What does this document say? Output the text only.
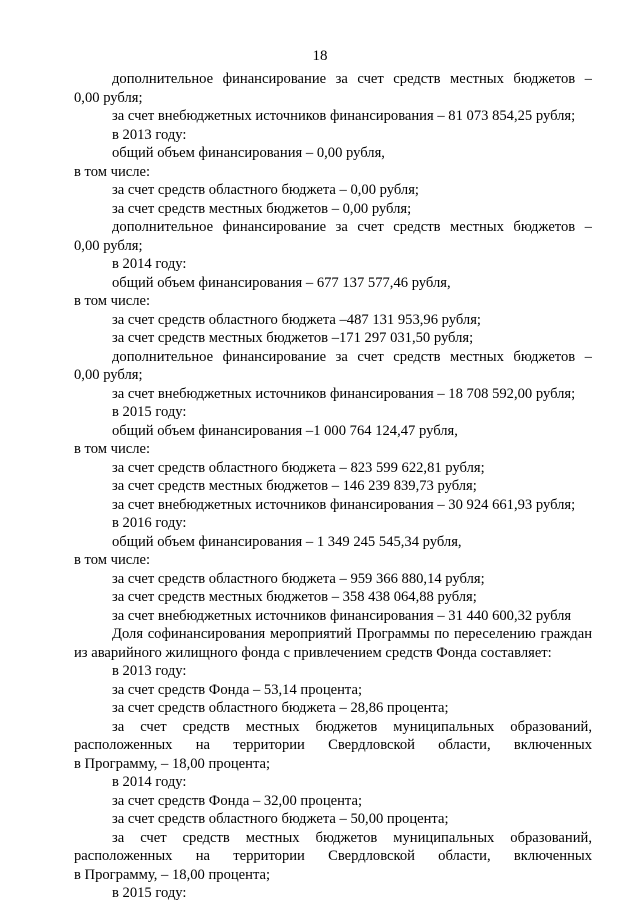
18
дополнительное финансирование за счет средств местных бюджетов –
0,00 рубля;
за счет внебюджетных источников финансирования – 81 073 854,25 рубля;
в 2013 году:
общий объем финансирования – 0,00 рубля,
в том числе:
за счет средств областного бюджета – 0,00 рубля;
за счет средств местных бюджетов – 0,00 рубля;
дополнительное финансирование за счет средств местных бюджетов –
0,00 рубля;
в 2014 году:
общий объем финансирования – 677 137 577,46 рубля,
в том числе:
за счет средств областного бюджета –487 131 953,96 рубля;
за счет средств местных бюджетов –171 297 031,50 рубля;
дополнительное финансирование за счет средств местных бюджетов –
0,00 рубля;
за счет внебюджетных источников финансирования – 18 708 592,00 рубля;
в 2015 году:
общий объем финансирования –1 000 764 124,47 рубля,
в том числе:
за счет средств областного бюджета – 823 599 622,81 рубля;
за счет средств местных бюджетов – 146 239 839,73 рубля;
за счет внебюджетных источников финансирования – 30 924 661,93 рубля;
в 2016 году:
общий объем финансирования – 1 349 245 545,34 рубля,
в том числе:
за счет средств областного бюджета – 959 366 880,14 рубля;
за счет средств местных бюджетов – 358 438 064,88 рубля;
за счет внебюджетных источников финансирования – 31 440 600,32 рубля
Доля софинансирования мероприятий Программы по переселению граждан
из аварийного жилищного фонда с привлечением средств Фонда составляет:
в 2013 году:
за счет средств Фонда – 53,14 процента;
за счет средств областного бюджета – 28,86 процента;
за счет средств местных бюджетов муниципальных образований,
расположенных на территории Свердловской области, включенных
в Программу, – 18,00 процента;
в 2014 году:
за счет средств Фонда – 32,00 процента;
за счет средств областного бюджета – 50,00 процента;
за счет средств местных бюджетов муниципальных образований,
расположенных на территории Свердловской области, включенных
в Программу, – 18,00 процента;
в 2015 году:
